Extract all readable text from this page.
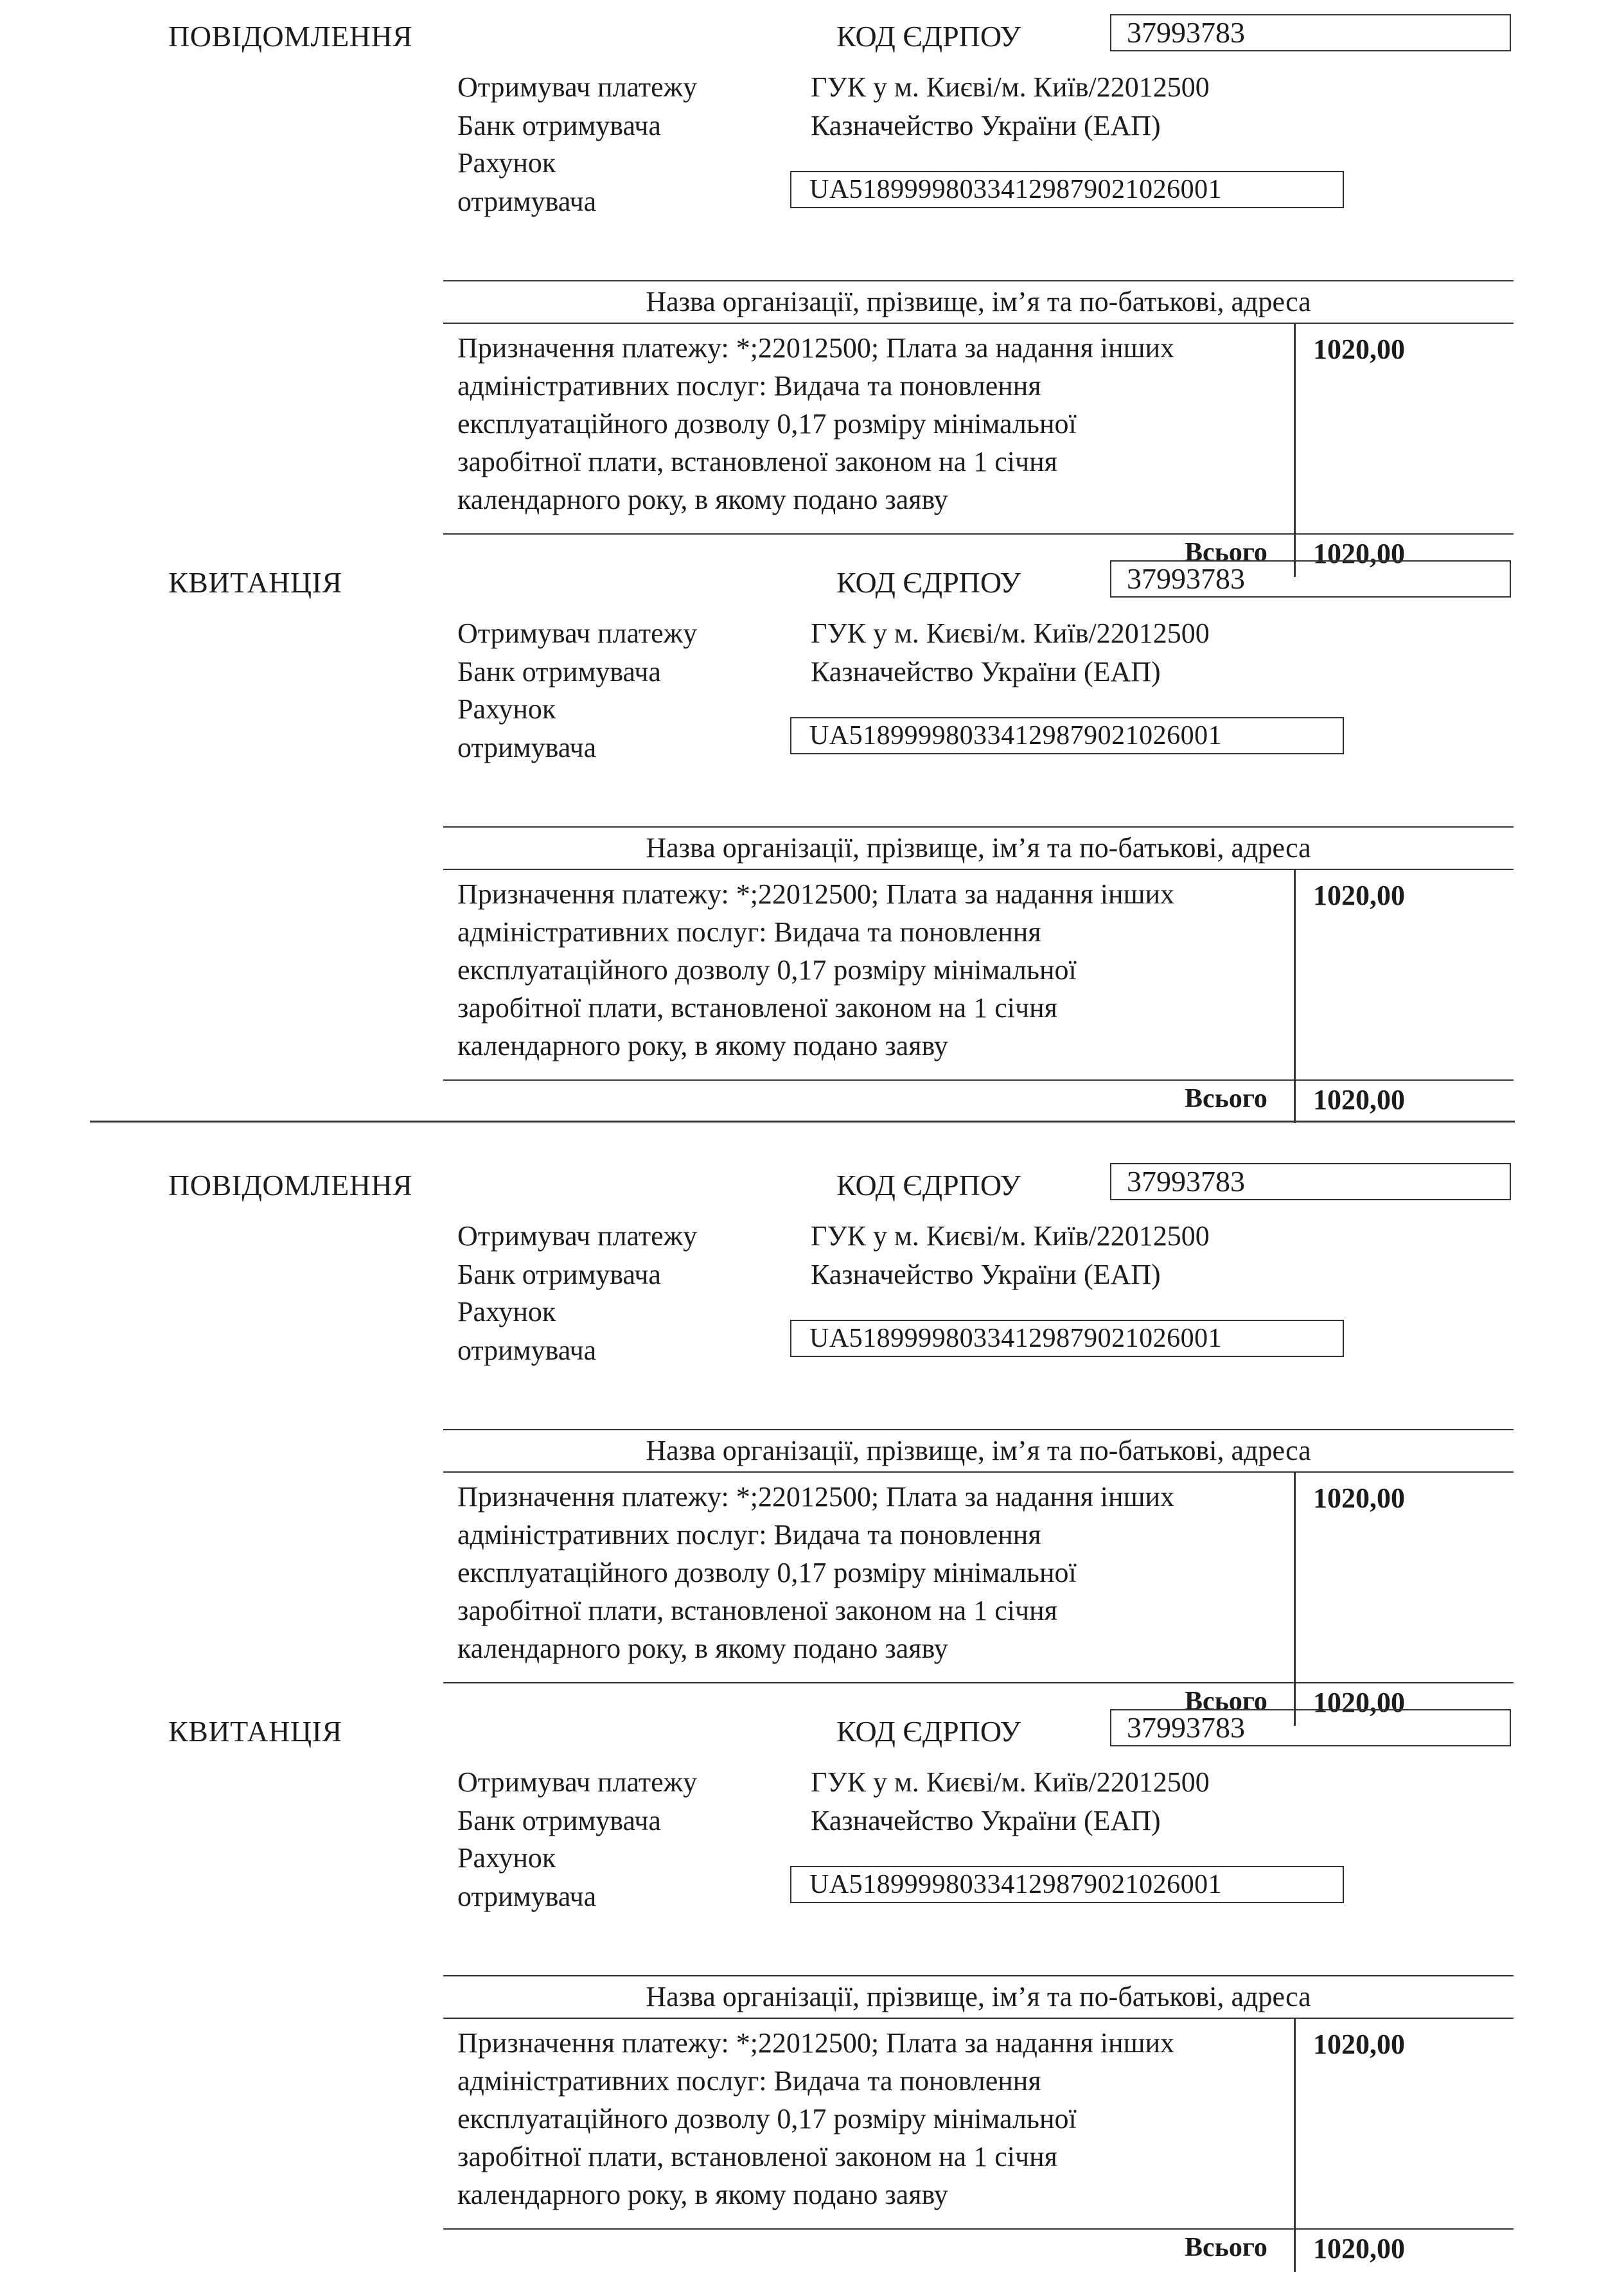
ПОВІДОМЛЕННЯ	КОД ЄДРПОУ	37993783
Отримувач платежу	ГУК у м. Києві/м. Київ/22012500
Банк отримувача	Казначейство України (ЕАП)
Рахунок
отримувача	UA518999980334129879021026001
Назва організації, прізвище, ім’я та по-батькові, адреса
Призначення платежу: *;22012500; Плата за надання інших
адміністративних послуг: Видача та поновлення
експлуатаційного дозволу 0,17 розміру мінімальної
заробітної плати, встановленої законом на 1 січня
календарного року, в якому подано заяву
1020,00
Всього 1020,00
КВИТАНЦІЯ	КОД ЄДРПОУ	37993783
Отримувач платежу	ГУК у м. Києві/м. Київ/22012500
Банк отримувача	Казначейство України (ЕАП)
Рахунок
отримувача	UA518999980334129879021026001
Назва організації, прізвище, ім’я та по-батькові, адреса
Призначення платежу: *;22012500; Плата за надання інших
адміністративних послуг: Видача та поновлення
експлуатаційного дозволу 0,17 розміру мінімальної
заробітної плати, встановленої законом на 1 січня
календарного року, в якому подано заяву
1020,00
Всього 1020,00
ПОВІДОМЛЕННЯ	КОД ЄДРПОУ	37993783
Отримувач платежу	ГУК у м. Києві/м. Київ/22012500
Банк отримувача	Казначейство України (ЕАП)
Рахунок
отримувача	UA518999980334129879021026001
Назва організації, прізвище, ім’я та по-батькові, адреса
Призначення платежу: *;22012500; Плата за надання інших
адміністративних послуг: Видача та поновлення
експлуатаційного дозволу 0,17 розміру мінімальної
заробітної плати, встановленої законом на 1 січня
календарного року, в якому подано заяву
1020,00
Всього 1020,00
КВИТАНЦІЯ	КОД ЄДРПОУ	37993783
Отримувач платежу	ГУК у м. Києві/м. Київ/22012500
Банк отримувача	Казначейство України (ЕАП)
Рахунок
отримувача	UA518999980334129879021026001
Назва організації, прізвище, ім’я та по-батькові, адреса
Призначення платежу: *;22012500; Плата за надання інших
адміністративних послуг: Видача та поновлення
експлуатаційного дозволу 0,17 розміру мінімальної
заробітної плати, встановленої законом на 1 січня
календарного року, в якому подано заяву
1020,00
Всього 1020,00
